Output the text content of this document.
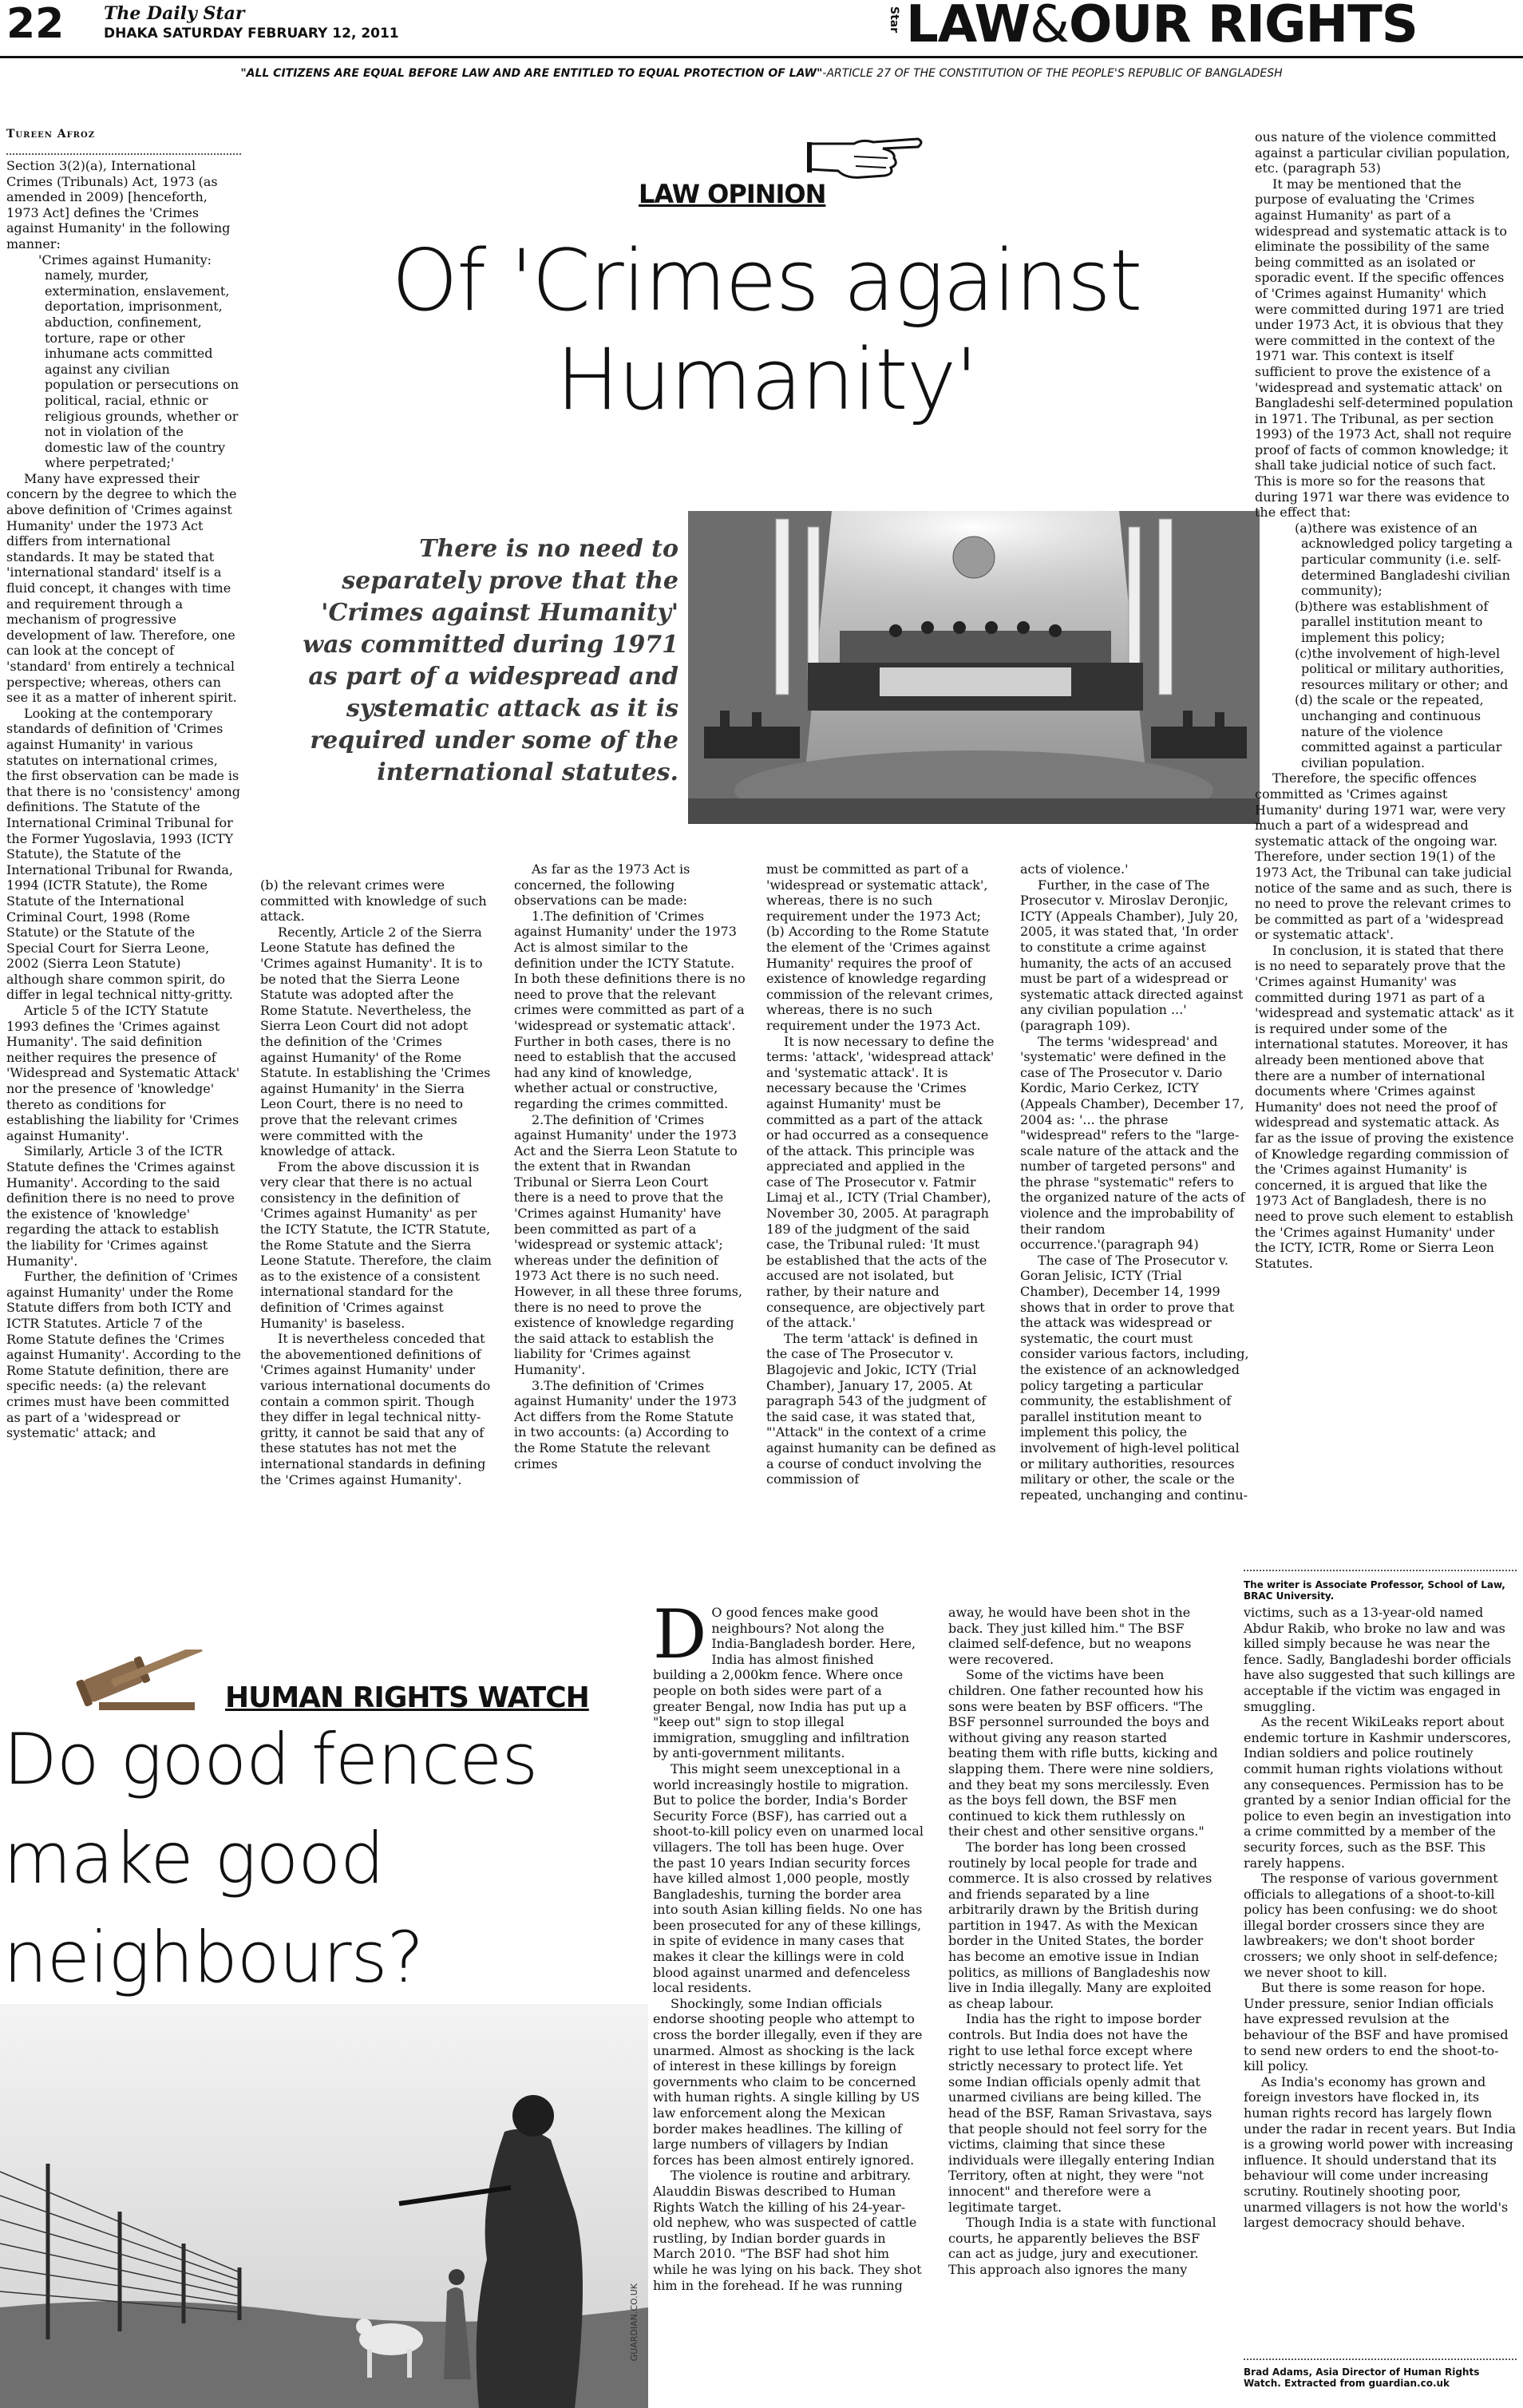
22 The Daily Star
DHAKA SATURDAY FEBRUARY 12, 2011
Star LAW&OUR RIGHTS
"ALL CITIZENS ARE EQUAL BEFORE LAW AND ARE ENTITLED TO EQUAL PROTECTION OF LAW"-ARTICLE 27 OF THE CONSTITUTION OF THE PEOPLE'S REPUBLIC OF BANGLADESH
Tureen Afroz

Section 3(2)(a), International Crimes (Tribunals) Act, 1973 (as amended in 2009) [henceforth, 1973 Act] defines the 'Crimes against Humanity' in the following manner:

'Crimes against Humanity: namely, murder, extermination, enslavement, deportation, imprisonment, abduction, confinement, torture, rape or other inhumane acts committed against any civilian population or persecutions on political, racial, ethnic or religious grounds, whether or not in violation of the domestic law of the country where perpetrated;'

Many have expressed their concern by the degree to which the above definition of 'Crimes against Humanity' under the 1973 Act differs from international standards. It may be stated that 'international standard' itself is a fluid concept, it changes with time and requirement through a mechanism of progressive development of law. Therefore, one can look at the concept of 'standard' from entirely a technical perspective; whereas, others can see it as a matter of inherent spirit.

Looking at the contemporary standards of definition of 'Crimes against Humanity' in various statutes on international crimes, the first observation can be made is that there is no 'consistency' among definitions. The Statute of the International Criminal Tribunal for the Former Yugoslavia, 1993 (ICTY Statute), the Statute of the International Tribunal for Rwanda, 1994 (ICTR Statute), the Rome Statute of the International Criminal Court, 1998 (Rome Statute) or the Statute of the Special Court for Sierra Leone, 2002 (Sierra Leon Statute) although share common spirit, do differ in legal technical nitty-gritty.

Article 5 of the ICTY Statute 1993 defines the 'Crimes against Humanity'. The said definition neither requires the presence of 'Widespread and Systematic Attack' nor the presence of 'knowledge' thereto as conditions for establishing the liability for 'Crimes against Humanity'.

Similarly, Article 3 of the ICTR Statute defines the 'Crimes against Humanity'. According to the said definition there is no need to prove the existence of 'knowledge' regarding the attack to establish the liability for 'Crimes against Humanity'.

Further, the definition of 'Crimes against Humanity' under the Rome Statute differs from both ICTY and ICTR Statutes. Article 7 of the Rome Statute defines the 'Crimes against Humanity'. According to the Rome Statute definition, there are specific needs: (a) the relevant crimes must have been committed as part of a 'widespread or systematic' attack; and

LAW OPINION
Of 'Crimes against Humanity'
There is no need to separately prove that the 'Crimes against Humanity' was committed during 1971 as part of a widespread and systematic attack as it is required under some of the international statutes.

(b) the relevant crimes were committed with knowledge of such attack.

Recently, Article 2 of the Sierra Leone Statute has defined the 'Crimes against Humanity'. It is to be noted that the Sierra Leone Statute was adopted after the Rome Statute. Nevertheless, the Sierra Leon Court did not adopt the definition of the 'Crimes against Humanity' of the Rome Statute. In establishing the 'Crimes against Humanity' in the Sierra Leon Court, there is no need to prove that the relevant crimes were committed with the knowledge of attack.

From the above discussion it is very clear that there is no actual consistency in the definition of 'Crimes against Humanity' as per the ICTY Statute, the ICTR Statute, the Rome Statute and the Sierra Leone Statute. Therefore, the claim as to the existence of a consistent international standard for the definition of 'Crimes against Humanity' is baseless.

It is nevertheless conceded that the abovementioned definitions of 'Crimes against Humanity' under various international documents do contain a common spirit. Though they differ in legal technical nitty-gritty, it cannot be said that any of these statutes has not met the international standards in defining the 'Crimes against Humanity'.

As far as the 1973 Act is concerned, the following observations can be made:

1.The definition of 'Crimes against Humanity' under the 1973 Act is almost similar to the definition under the ICTY Statute. In both these definitions there is no need to prove that the relevant crimes were committed as part of a 'widespread or systematic attack'. Further in both cases, there is no need to establish that the accused had any kind of knowledge, whether actual or constructive, regarding the crimes committed.

2.The definition of 'Crimes against Humanity' under the 1973 Act and the Sierra Leon Statute to the extent that in Rwandan Tribunal or Sierra Leon Court there is a need to prove that the 'Crimes against Humanity' have been committed as part of a 'widespread or systemic attack'; whereas under the definition of 1973 Act there is no such need. However, in all these three forums, there is no need to prove the existence of knowledge regarding the said attack to establish the liability for 'Crimes against Humanity'.

3.The definition of 'Crimes against Humanity' under the 1973 Act differs from the Rome Statute in two accounts: (a) According to the Rome Statute the relevant crimes

must be committed as part of a 'widespread or systematic attack', whereas, there is no such requirement under the 1973 Act; (b) According to the Rome Statute the element of the 'Crimes against Humanity' requires the proof of existence of knowledge regarding commission of the relevant crimes, whereas, there is no such requirement under the 1973 Act.

It is now necessary to define the terms: 'attack', 'widespread attack' and 'systematic attack'. It is necessary because the 'Crimes against Humanity' must be committed as a part of the attack or had occurred as a consequence of the attack. This principle was appreciated and applied in the case of The Prosecutor v. Fatmir Limaj et al., ICTY (Trial Chamber), November 30, 2005. At paragraph 189 of the judgment of the said case, the Tribunal ruled: 'It must be established that the acts of the accused are not isolated, but rather, by their nature and consequence, are objectively part of the attack.'

The term 'attack' is defined in the case of The Prosecutor v. Blagojevic and Jokic, ICTY (Trial Chamber), January 17, 2005. At paragraph 543 of the judgment of the said case, it was stated that, "'Attack" in the context of a crime against humanity can be defined as a course of conduct involving the commission of

acts of violence.'

Further, in the case of The Prosecutor v. Miroslav Deronjic, ICTY (Appeals Chamber), July 20, 2005, it was stated that, 'In order to constitute a crime against humanity, the acts of an accused must be part of a widespread or systematic attack directed against any civilian population ...' (paragraph 109).

The terms 'widespread' and 'systematic' were defined in the case of The Prosecutor v. Dario Kordic, Mario Cerkez, ICTY (Appeals Chamber), December 17, 2004 as: '... the phrase "widespread" refers to the "large-scale nature of the attack and the number of targeted persons" and the phrase "systematic" refers to the organized nature of the acts of violence and the improbability of their random occurrence.'(paragraph 94)

The case of The Prosecutor v. Goran Jelisic, ICTY (Trial Chamber), December 14, 1999 shows that in order to prove that the attack was widespread or systematic, the court must consider various factors, including, the existence of an acknowledged policy targeting a particular community, the establishment of parallel institution meant to implement this policy, the involvement of high-level political or military authorities, resources military or other, the scale or the repeated, unchanging and continu-

ous nature of the violence committed against a particular civilian population, etc. (paragraph 53)

It may be mentioned that the purpose of evaluating the 'Crimes against Humanity' as part of a widespread and systematic attack is to eliminate the possibility of the same being committed as an isolated or sporadic event. If the specific offences of 'Crimes against Humanity' which were committed during 1971 are tried under 1973 Act, it is obvious that they were committed in the context of the 1971 war. This context is itself sufficient to prove the existence of a 'widespread and systematic attack' on Bangladeshi self-determined population in 1971. The Tribunal, as per section 1993) of the 1973 Act, shall not require proof of facts of common knowledge; it shall take judicial notice of such fact. This is more so for the reasons that during 1971 war there was evidence to the effect that:

(a)there was existence of an acknowledged policy targeting a particular community (i.e. self-determined Bangladeshi civilian community);

(b)there was establishment of parallel institution meant to implement this policy;

(c)the involvement of high-level political or military authorities, resources military or other; and

(d) the scale or the repeated, unchanging and continuous nature of the violence committed against a particular civilian population.

Therefore, the specific offences committed as 'Crimes against Humanity' during 1971 war, were very much a part of a widespread and systematic attack of the ongoing war. Therefore, under section 19(1) of the 1973 Act, the Tribunal can take judicial notice of the same and as such, there is no need to prove the relevant crimes to be committed as part of a 'widespread or systematic attack'.

In conclusion, it is stated that there is no need to separately prove that the 'Crimes against Humanity' was committed during 1971 as part of a 'widespread and systematic attack' as it is required under some of the international statutes. Moreover, it has already been mentioned above that there are a number of international documents where 'Crimes against Humanity' does not need the proof of widespread and systematic attack. As far as the issue of proving the existence of Knowledge regarding commission of the 'Crimes against Humanity' is concerned, it is argued that like the 1973 Act of Bangladesh, there is no need to prove such element to establish the 'Crimes against Humanity' under the ICTY, ICTR, Rome or Sierra Leon Statutes.

The writer is Associate Professor, School of Law, BRAC University.
HUMAN RIGHTS WATCH
Do good fences make good neighbours?
GUARDIAN.CO.UK

D O good fences make good neighbours? Not along the India-Bangladesh border. Here, India has almost finished building a 2,000km fence. Where once people on both sides were part of a greater Bengal, now India has put up a "keep out" sign to stop illegal immigration, smuggling and infiltration by anti-government militants.

This might seem unexceptional in a world increasingly hostile to migration. But to police the border, India's Border Security Force (BSF), has carried out a shoot-to-kill policy even on unarmed local villagers. The toll has been huge. Over the past 10 years Indian security forces have killed almost 1,000 people, mostly Bangladeshis, turning the border area into south Asian killing fields. No one has been prosecuted for any of these killings, in spite of evidence in many cases that makes it clear the killings were in cold blood against unarmed and defenceless local residents.

Shockingly, some Indian officials endorse shooting people who attempt to cross the border illegally, even if they are unarmed. Almost as shocking is the lack of interest in these killings by foreign governments who claim to be concerned with human rights. A single killing by US law enforcement along the Mexican border makes headlines. The killing of large numbers of villagers by Indian forces has been almost entirely ignored.

The violence is routine and arbitrary. Alauddin Biswas described to Human Rights Watch the killing of his 24-year-old nephew, who was suspected of cattle rustling, by Indian border guards in March 2010. "The BSF had shot him while he was lying on his back. They shot him in the forehead. If he was running

away, he would have been shot in the back. They just killed him." The BSF claimed self-defence, but no weapons were recovered.

Some of the victims have been children. One father recounted how his sons were beaten by BSF officers. "The BSF personnel surrounded the boys and without giving any reason started beating them with rifle butts, kicking and slapping them. There were nine soldiers, and they beat my sons mercilessly. Even as the boys fell down, the BSF men continued to kick them ruthlessly on their chest and other sensitive organs."

The border has long been crossed routinely by local people for trade and commerce. It is also crossed by relatives and friends separated by a line arbitrarily drawn by the British during partition in 1947. As with the Mexican border in the United States, the border has become an emotive issue in Indian politics, as millions of Bangladeshis now live in India illegally. Many are exploited as cheap labour.

India has the right to impose border controls. But India does not have the right to use lethal force except where strictly necessary to protect life. Yet some Indian officials openly admit that unarmed civilians are being killed. The head of the BSF, Raman Srivastava, says that people should not feel sorry for the victims, claiming that since these individuals were illegally entering Indian Territory, often at night, they were "not innocent" and therefore were a legitimate target.

Though India is a state with functional courts, he apparently believes the BSF can act as judge, jury and executioner. This approach also ignores the many

victims, such as a 13-year-old named Abdur Rakib, who broke no law and was killed simply because he was near the fence. Sadly, Bangladeshi border officials have also suggested that such killings are acceptable if the victim was engaged in smuggling.

As the recent WikiLeaks report about endemic torture in Kashmir underscores, Indian soldiers and police routinely commit human rights violations without any consequences. Permission has to be granted by a senior Indian official for the police to even begin an investigation into a crime committed by a member of the security forces, such as the BSF. This rarely happens.

The response of various government officials to allegations of a shoot-to-kill policy has been confusing: we do shoot illegal border crossers since they are lawbreakers; we don't shoot border crossers; we only shoot in self-defence; we never shoot to kill.

But there is some reason for hope. Under pressure, senior Indian officials have expressed revulsion at the behaviour of the BSF and have promised to send new orders to end the shoot-to-kill policy.

As India's economy has grown and foreign investors have flocked in, its human rights record has largely flown under the radar in recent years. But India is a growing world power with increasing influence. It should understand that its behaviour will come under increasing scrutiny. Routinely shooting poor, unarmed villagers is not how the world's largest democracy should behave.

Brad Adams, Asia Director of Human Rights Watch. Extracted from guardian.co.uk
